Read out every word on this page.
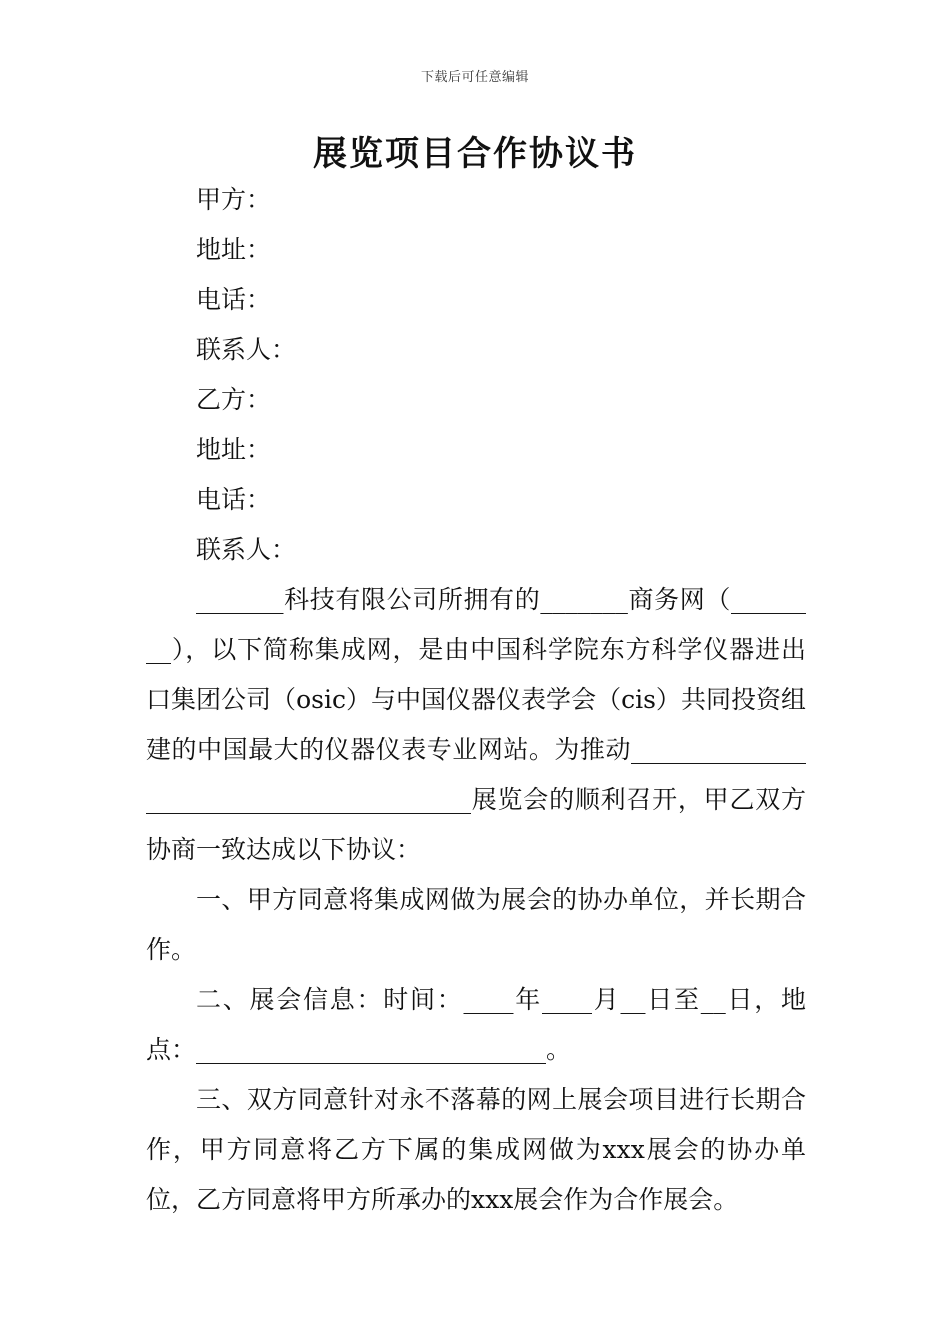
下载后可任意编辑
展览项目合作协议书
甲方：
地址：
电话：
联系人：
乙方：
地址：
电话：
联系人：

_______科技有限公司所拥有的_______商务网（________），以下简称集成网，是由中国科学院东方科学仪器进出口集团公司（osic）与中国仪器仪表学会（cis）共同投资组建的中国最大的仪器仪表专业网站。为推动________________________________________展览会的顺利召开，甲乙双方协商一致达成以下协议：

一、甲方同意将集成网做为展会的协办单位，并长期合作。

二、展会信息：时间：____年____月__日至__日，地点：____________________________。

三、双方同意针对永不落幕的网上展会项目进行长期合作，甲方同意将乙方下属的集成网做为xxx展会的协办单位，乙方同意将甲方所承办的xxx展会作为合作展会。
